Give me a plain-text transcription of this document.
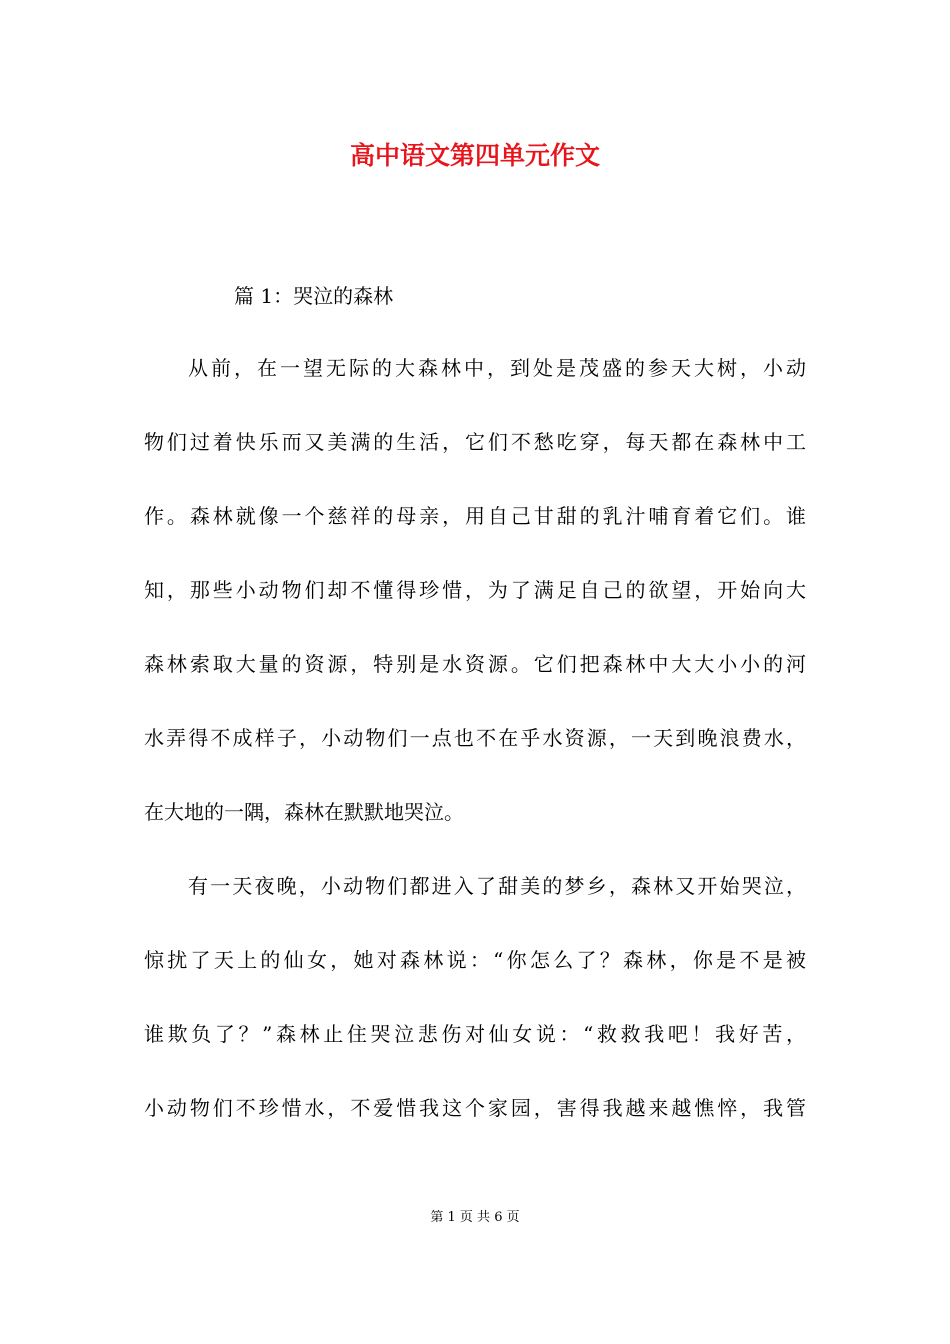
高中语文第四单元作文
篇 1：哭泣的森林
从前，在一望无际的大森林中，到处是茂盛的参天大树，小动
物们过着快乐而又美满的生活，它们不愁吃穿，每天都在森林中工
作。森林就像一个慈祥的母亲，用自己甘甜的乳汁哺育着它们。谁
知，那些小动物们却不懂得珍惜，为了满足自己的欲望，开始向大
森林索取大量的资源，特别是水资源。它们把森林中大大小小的河
水弄得不成样子，小动物们一点也不在乎水资源，一天到晚浪费水，
在大地的一隅，森林在默默地哭泣。
有一天夜晚，小动物们都进入了甜美的梦乡，森林又开始哭泣，
惊扰了天上的仙女，她对森林说：“你怎么了？森林，你是不是被
谁欺负了？”森林止住哭泣悲伤对仙女说：“救救我吧！我好苦，
小动物们不珍惜水，不爱惜我这个家园，害得我越来越憔悴，我管
第 1 页 共 6 页
